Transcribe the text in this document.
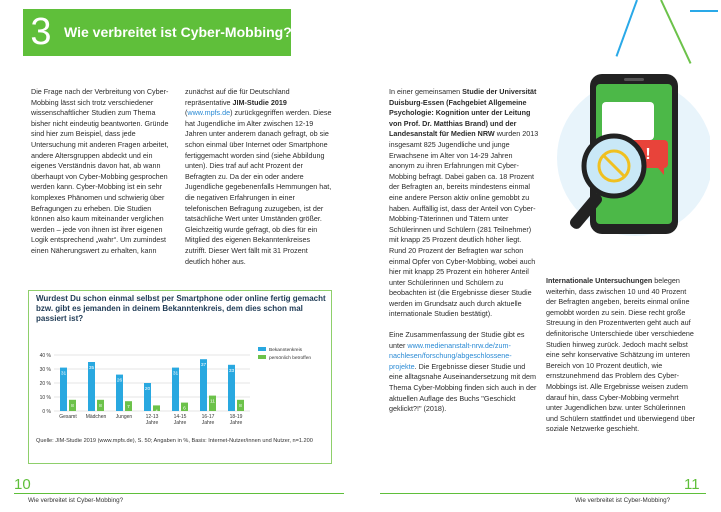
3 Wie verbreitet ist Cyber-Mobbing?

Die Frage nach der Verbreitung von Cyber-Mobbing lässt sich trotz verschiedener wissenschaftlicher Studien zum Thema bisher nicht eindeutig beantworten. Gründe sind hier zum Beispiel, dass jede Untersuchung mit anderen Fragen arbeitet, andere Altersgruppen abdeckt und ein eigenes Verständnis davon hat, ab wann überhaupt von Cyber-Mobbing gesprochen werden kann. Cyber-Mobbing ist ein sehr komplexes Phänomen und schwierig über Befragungen zu erheben. Die Studien können also kaum miteinander verglichen werden – jede von ihnen ist ihrer eigenen Logik entsprechend „wahr“. Um zumindest einen Näherungswert zu erhalten, kann

zunächst auf die für Deutschland repräsentative JIM-Studie 2019 (www.mpfs.de) zurückgegriffen werden. Diese hat Jugendliche im Alter zwischen 12-19 Jahren unter anderem danach gefragt, ob sie schon einmal über Internet oder Smartphone fertiggemacht worden sind (siehe Abbildung unten). Dies traf auf acht Prozent der Befragten zu. Da der ein oder andere Jugendliche gegebenenfalls Hemmungen hat, die negativen Erfahrungen in einer telefonischen Befragung zuzugeben, ist der tatsächliche Wert unter Umständen größer. Gleichzeitig wurde gefragt, ob dies für ein Mitglied des eigenen Bekanntenkreises zutrifft. Dieser Wert fällt mit 31 Prozent deutlich höher aus.

Wurdest Du schon einmal selbst per Smartphone oder online fertig gemacht bzw. gibt es jemanden in deinem Bekanntenkreis, dem dies schon mal passiert ist?
0 %
10 %
20 %
30 %
40 %
31
8
Gesamt
35
8
Mädchen
26
7
Jungen
20
4
12-13
Jahre
31
6
14-15
Jahre
37
11
16-17
Jahre
33
8
18-19
Jahre
Bekanntenkreis
persönlich betroffen
Quelle: JIM-Studie 2019 (www.mpfs.de), S. 50; Angaben in %, Basis: Internet-Nutzer/innen und Nutzer, n=1.200
!

In einer gemeinsamen Studie der Universität Duisburg-Essen (Fachgebiet Allgemeine Psychologie: Kognition unter der Leitung von Prof. Dr. Matthias Brand) und der Landesanstalt für Medien NRW wurden 2013 insgesamt 825 Jugendliche und junge Erwachsene im Alter von 14-29 Jahren anonym zu ihren Erfahrungen mit Cyber-Mobbing befragt. Dabei gaben ca. 18 Prozent der Befragten an, bereits mindestens einmal eine andere Person aktiv online gemobbt zu haben. Auffällig ist, dass der Anteil von Cyber-Mobbing-Täterinnen und Tätern unter Schülerinnen und Schülern (281 Teilnehmer) mit knapp 25 Prozent deutlich höher liegt. Rund 20 Prozent der Befragten war schon einmal Opfer von Cyber-Mobbing, wobei auch hier mit knapp 25 Prozent ein höherer Anteil unter Schülerinnen und Schülern zu beobachten ist (die Ergebnisse dieser Studie werden im Grundsatz auch durch aktuelle internationale Studien bestätigt).

Eine Zusammenfassung der Studie gibt es unter www.medienanstalt-nrw.de/zum-nachlesen/forschung/abgeschlossene-projekte. Die Ergebnisse dieser Studie und eine alltagsnahe Auseinandersetzung mit dem Thema Cyber-Mobbing finden sich auch in der aktuellen Auflage des Buchs "Geschickt geklickt?!" (2018).

Internationale Untersuchungen belegen weiterhin, dass zwischen 10 und 40 Prozent der Befragten angeben, bereits einmal online gemobbt worden zu sein. Diese recht große Streuung in den Prozentwerten geht auch auf definitorische Unterschiede über verschiedene Studien hinweg zurück. Jedoch macht selbst eine sehr konservative Schätzung im unteren Bereich von 10 Prozent deutlich, wie ernstzunehmend das Problem des Cyber-Mobbings ist. Alle Ergebnisse weisen zudem darauf hin, dass Cyber-Mobbing vermehrt unter Jugendlichen bzw. unter Schülerinnen und Schülern stattfindet und überwiegend über soziale Netzwerke geschieht.

10
Wie verbreitet ist Cyber-Mobbing?
11
Wie verbreitet ist Cyber-Mobbing?
